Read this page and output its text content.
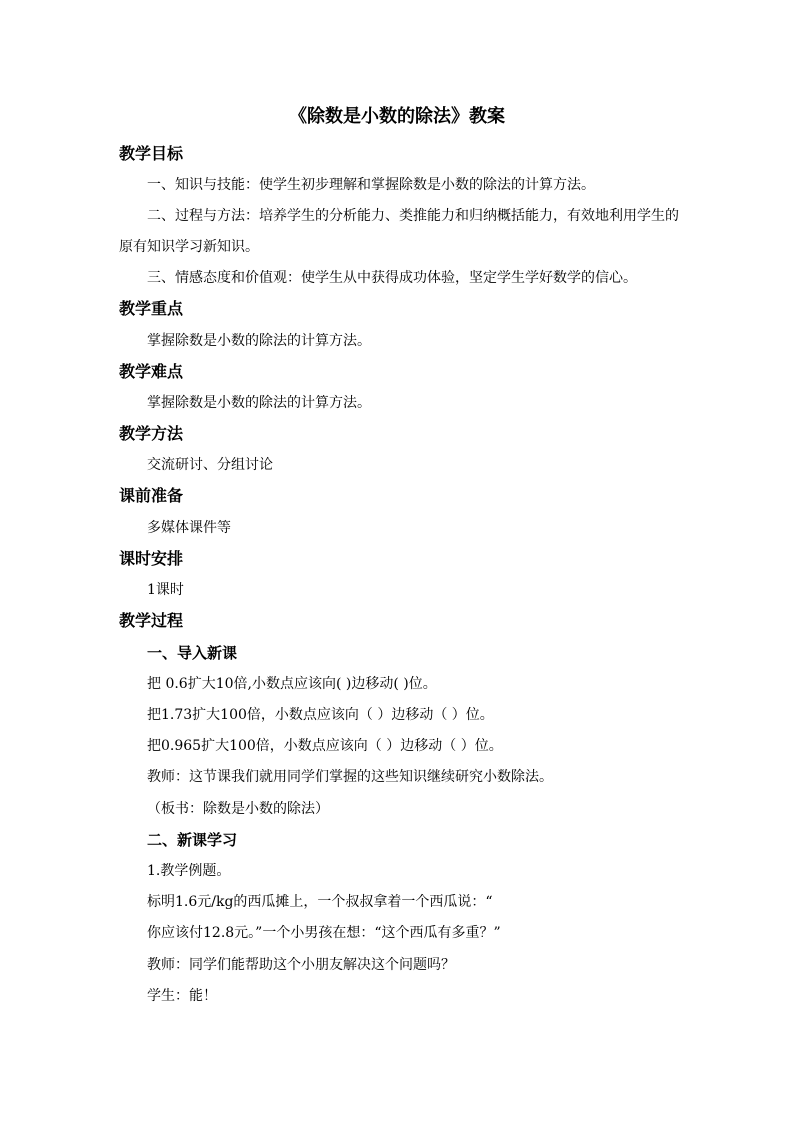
《除数是小数的除法》教案
教学目标
一、知识与技能：使学生初步理解和掌握除数是小数的除法的计算方法。
二、过程与方法：培养学生的分析能力、类推能力和归纳概括能力，有效地利用学生的
原有知识学习新知识。
三、情感态度和价值观：使学生从中获得成功体验，坚定学生学好数学的信心。
教学重点
掌握除数是小数的除法的计算方法。
教学难点
掌握除数是小数的除法的计算方法。
教学方法
交流研讨、分组讨论
课前准备
多媒体课件等
课时安排
1课时
教学过程
一、导入新课
把 0.6扩大10倍,小数点应该向( )边移动( )位。
把1.73扩大100倍，小数点应该向（ ）边移动（ ）位。
把0.965扩大100倍，小数点应该向（ ）边移动（ ）位。
教师：这节课我们就用同学们掌握的这些知识继续研究小数除法。
（板书：除数是小数的除法）
二、新课学习
1.教学例题。
标明1.6元/kg的西瓜摊上，一个叔叔拿着一个西瓜说：“
你应该付12.8元。”一个小男孩在想：“这个西瓜有多重？”
教师：同学们能帮助这个小朋友解决这个问题吗？
学生：能！
